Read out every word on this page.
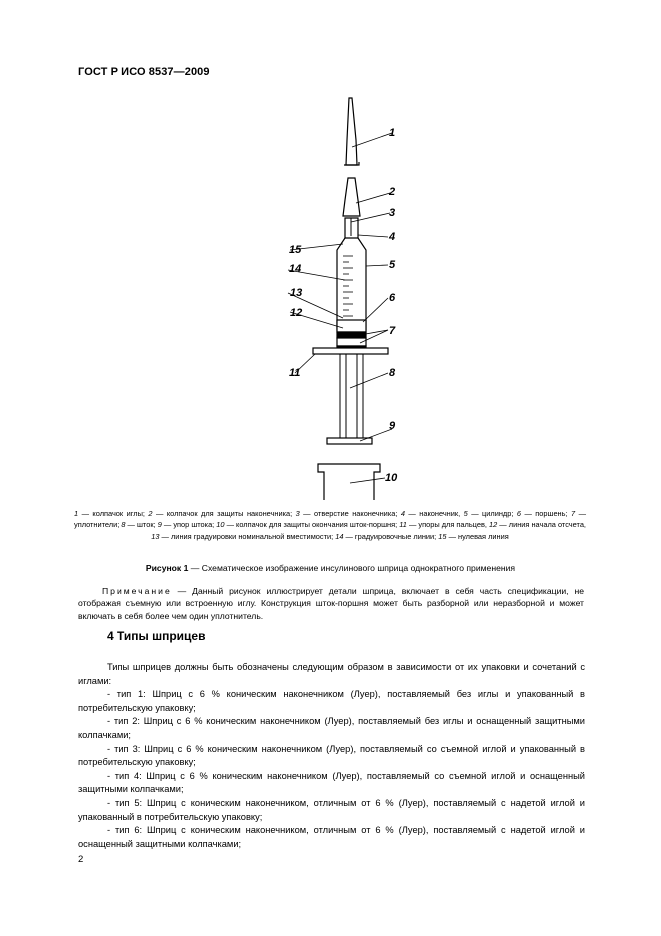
ГОСТ Р ИСО 8537—2009
1
2
3
4
5
6
7
8
9
10
11
12
13
14
15
1 — колпачок иглы; 2 — колпачок для защиты наконечника; 3 — отверстие наконечника; 4 — наконечник, 5 — цилиндр; 6 — поршень; 7 — уплотнители; 8 — шток; 9 — упор штока; 10 — колпачок для защиты окончания шток-поршня; 11 — упоры для пальцев, 12 — линия начала отсчета, 13 — линия градуировки номинальной вместимости; 14 — градуировочные линии; 15 — нулевая линия
Рисунок 1 — Схематическое изображение инсулинового шприца однократного применения
Примечание — Данный рисунок иллюстрирует детали шприца, включает в себя часть спецификации, не отображая съемную или встроенную иглу. Конструкция шток-поршня может быть разборной или неразборной и может включать в себя более чем один уплотнитель.
4 Типы шприцев

Типы шприцев должны быть обозначены следующим образом в зависимости от их упаковки и сочетаний с иглами:

- тип 1: Шприц с 6 % коническим наконечником (Луер), поставляемый без иглы и упакованный в потребительскую упаковку;

- тип 2: Шприц с 6 % коническим наконечником (Луер), поставляемый без иглы и оснащенный защитными колпачками;

- тип 3: Шприц с 6 % коническим наконечником (Луер), поставляемый со съемной иглой и упакованный в потребительскую упаковку;

- тип 4: Шприц с 6 % коническим наконечником (Луер), поставляемый со съемной иглой и оснащенный защитными колпачками;

- тип 5: Шприц с коническим наконечником, отличным от 6 % (Луер), поставляемый с надетой иглой и упакованный в потребительскую упаковку;

- тип 6: Шприц с коническим наконечником, отличным от 6 % (Луер), поставляемый с надетой иглой и оснащенный защитными колпачками;

2
